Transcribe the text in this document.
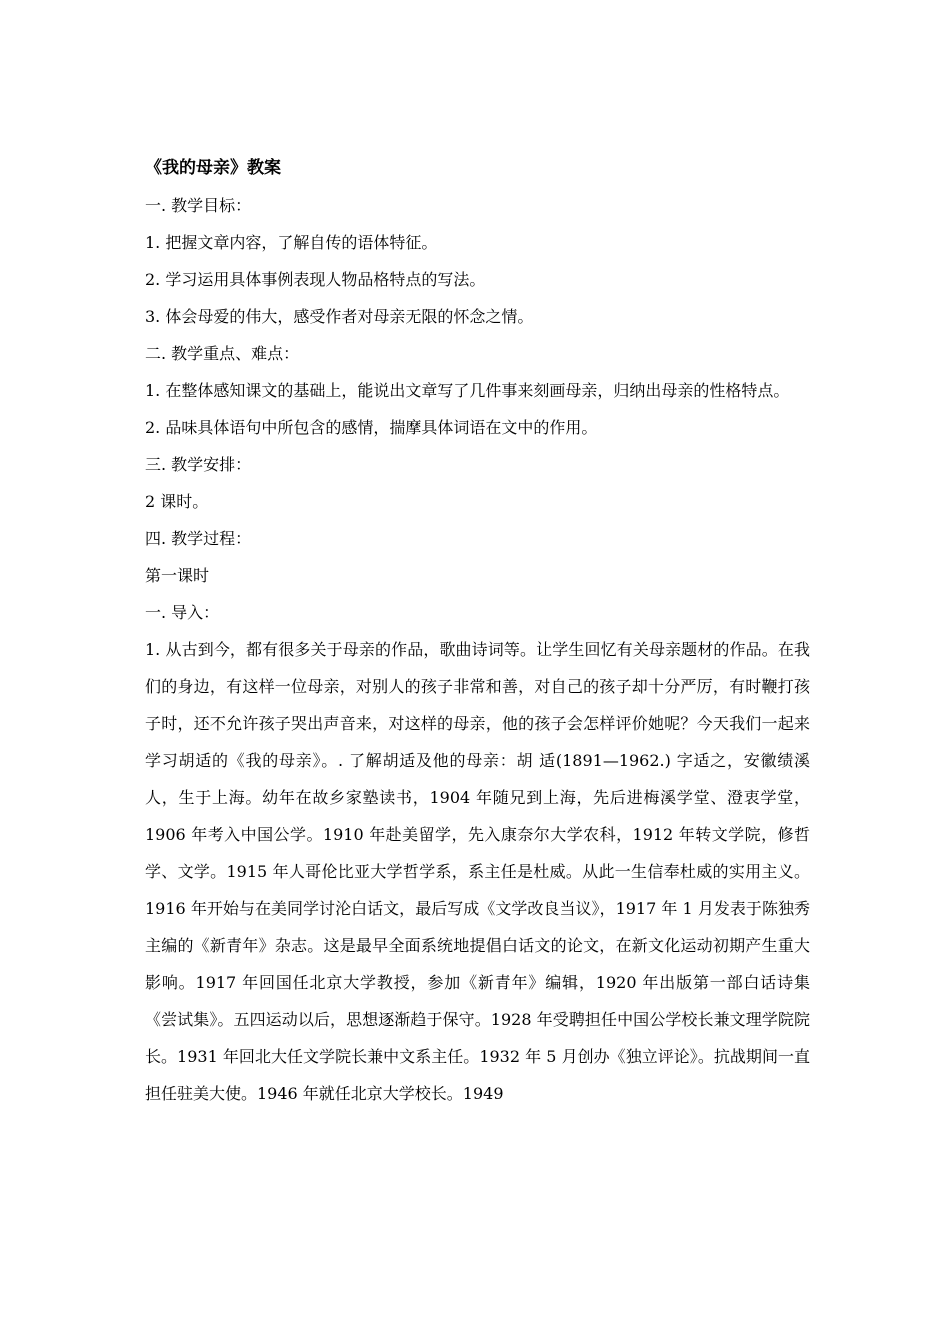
《我的母亲》教案

一. 教学目标：

1. 把握文章内容，了解自传的语体特征。

2. 学习运用具体事例表现人物品格特点的写法。

3. 体会母爱的伟大，感受作者对母亲无限的怀念之情。

二. 教学重点、难点：

1. 在整体感知课文的基础上，能说出文章写了几件事来刻画母亲，归纳出母亲的性格特点。

2. 品味具体语句中所包含的感情，揣摩具体词语在文中的作用。

三. 教学安排：

2 课时。

四. 教学过程：

第一课时

一. 导入：

1. 从古到今，都有很多关于母亲的作品，歌曲诗词等。让学生回忆有关母亲题材的作品。在我们的身边，有这样一位母亲，对别人的孩子非常和善，对自己的孩子却十分严厉，有时鞭打孩子时，还不允许孩子哭出声音来，对这样的母亲，他的孩子会怎样评价她呢？今天我们一起来学习胡适的《我的母亲》。. 了解胡适及他的母亲：胡 适(1891—1962.) 字适之，安徽绩溪人，生于上海。幼年在故乡家塾读书，1904 年随兄到上海，先后进梅溪学堂、澄衷学堂，1906 年考入中国公学。1910 年赴美留学，先入康奈尔大学农科，1912 年转文学院，修哲学、文学。1915 年人哥伦比亚大学哲学系，系主任是杜威。从此一生信奉杜威的实用主义。1916 年开始与在美同学讨沦白话文，最后写成《文学改良当议》，1917 年 1 月发表于陈独秀主编的《新青年》杂志。这是最早全面系统地提倡白话文的论文，在新文化运动初期产生重大影响。1917 年回国任北京大学教授，参加《新青年》编辑，1920 年出版第一部白话诗集《尝试集》。五四运动以后，思想逐渐趋于保守。1928 年受聘担任中国公学校长兼文理学院院长。1931 年回北大任文学院长兼中文系主任。1932 年 5 月创办《独立评论》。抗战期间一直担任驻美大使。1946 年就任北京大学校长。1949
